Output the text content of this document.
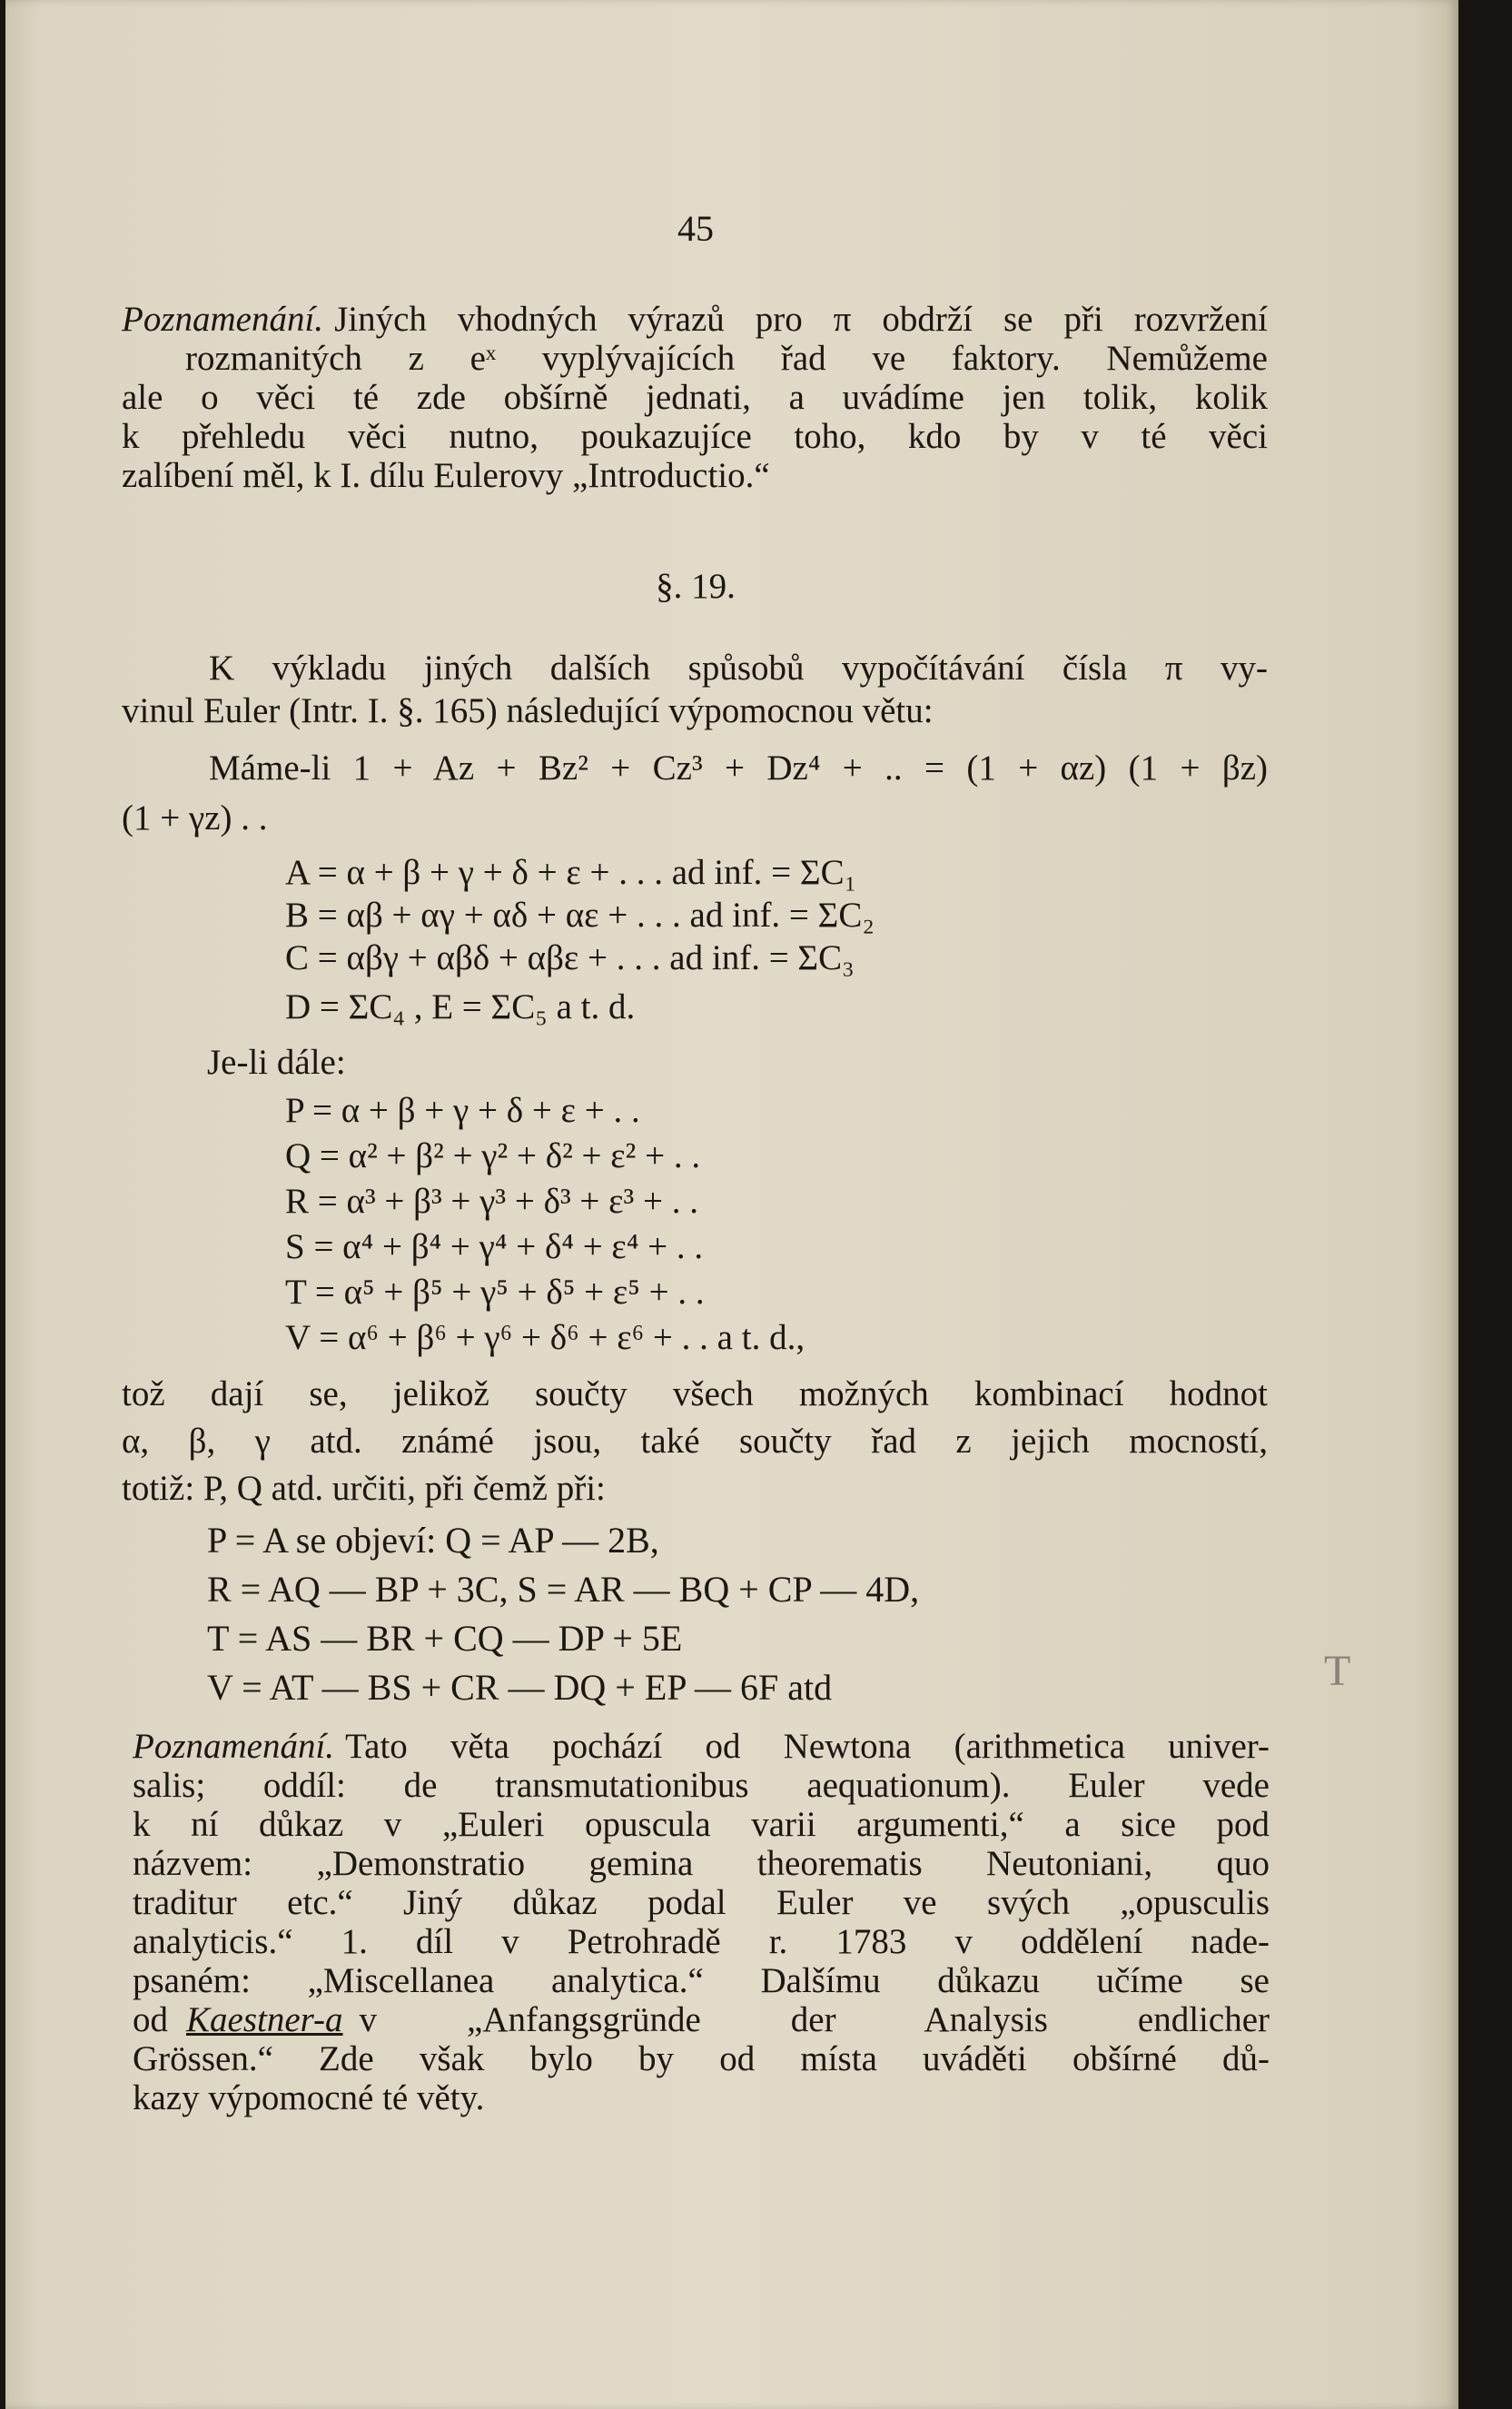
45
Poznamenání. Jiných vhodných výrazů pro π obdrží se při rozvržení
rozmanitých z eˣ vyplývajících řad ve faktory. Nemůžeme
ale o věci té zde obšírně jednati, a uvádíme jen tolik, kolik
k přehledu věci nutno, poukazujíce toho, kdo by v té věci
zalíbení měl, k I. dílu Eulerovy „Introductio.“
§. 19.
K výkladu jiných dalších spůsobů vypočítávání čísla π vy-
vinul Euler (Intr. I. §. 165) následující výpomocnou větu:
Máme-li 1 + Az + Bz² + Cz³ + Dz⁴ + .. = (1 + αz) (1 + βz)
(1 + γz) . .
A = α + β + γ + δ + ε + . . . ad inf. = ΣC₁
B = αβ + αγ + αδ + αε + . . . ad inf. = ΣC₂
C = αβγ + αβδ + αβε + . . . ad inf. = ΣC₃
D = ΣC₄ , E = ΣC₅ a t. d.
Je-li dále:
P = α + β + γ + δ + ε + . .
Q = α² + β² + γ² + δ² + ε² + . .
R = α³ + β³ + γ³ + δ³ + ε³ + . .
S = α⁴ + β⁴ + γ⁴ + δ⁴ + ε⁴ + . .
T = α⁵ + β⁵ + γ⁵ + δ⁵ + ε⁵ + . .
V = α⁶ + β⁶ + γ⁶ + δ⁶ + ε⁶ + . . a t. d.,
tož dají se, jelikož součty všech možných kombinací hodnot
α, β, γ atd. známé jsou, také součty řad z jejich mocností,
totiž: P, Q atd. určiti, při čemž při:
P = A se objeví: Q = AP — 2B,
R = AQ — BP + 3C, S = AR — BQ + CP — 4D,
T = AS — BR + CQ — DP + 5E
V = AT — BS + CR — DQ + EP — 6F atd	T
Poznamenání. Tato věta pochází od Newtona (arithmetica univer-
salis; oddíl: de transmutationibus aequationum). Euler vede
k ní důkaz v „Euleri opuscula varii argumenti,“ a sice pod
názvem: „Demonstratio gemina theorematis Neutoniani, quo
traditur etc.“ Jiný důkaz podal Euler ve svých „opusculis
analyticis.“ 1. díl v Petrohradě r. 1783 v oddělení nade-
psaném: „Miscellanea analytica.“ Dalšímu důkazu učíme se
od Kaestner-a v „Anfangsgründe der Analysis endlicher
Grössen.“ Zde však bylo by od místa uváděti obšírné dů-
kazy výpomocné té věty.
